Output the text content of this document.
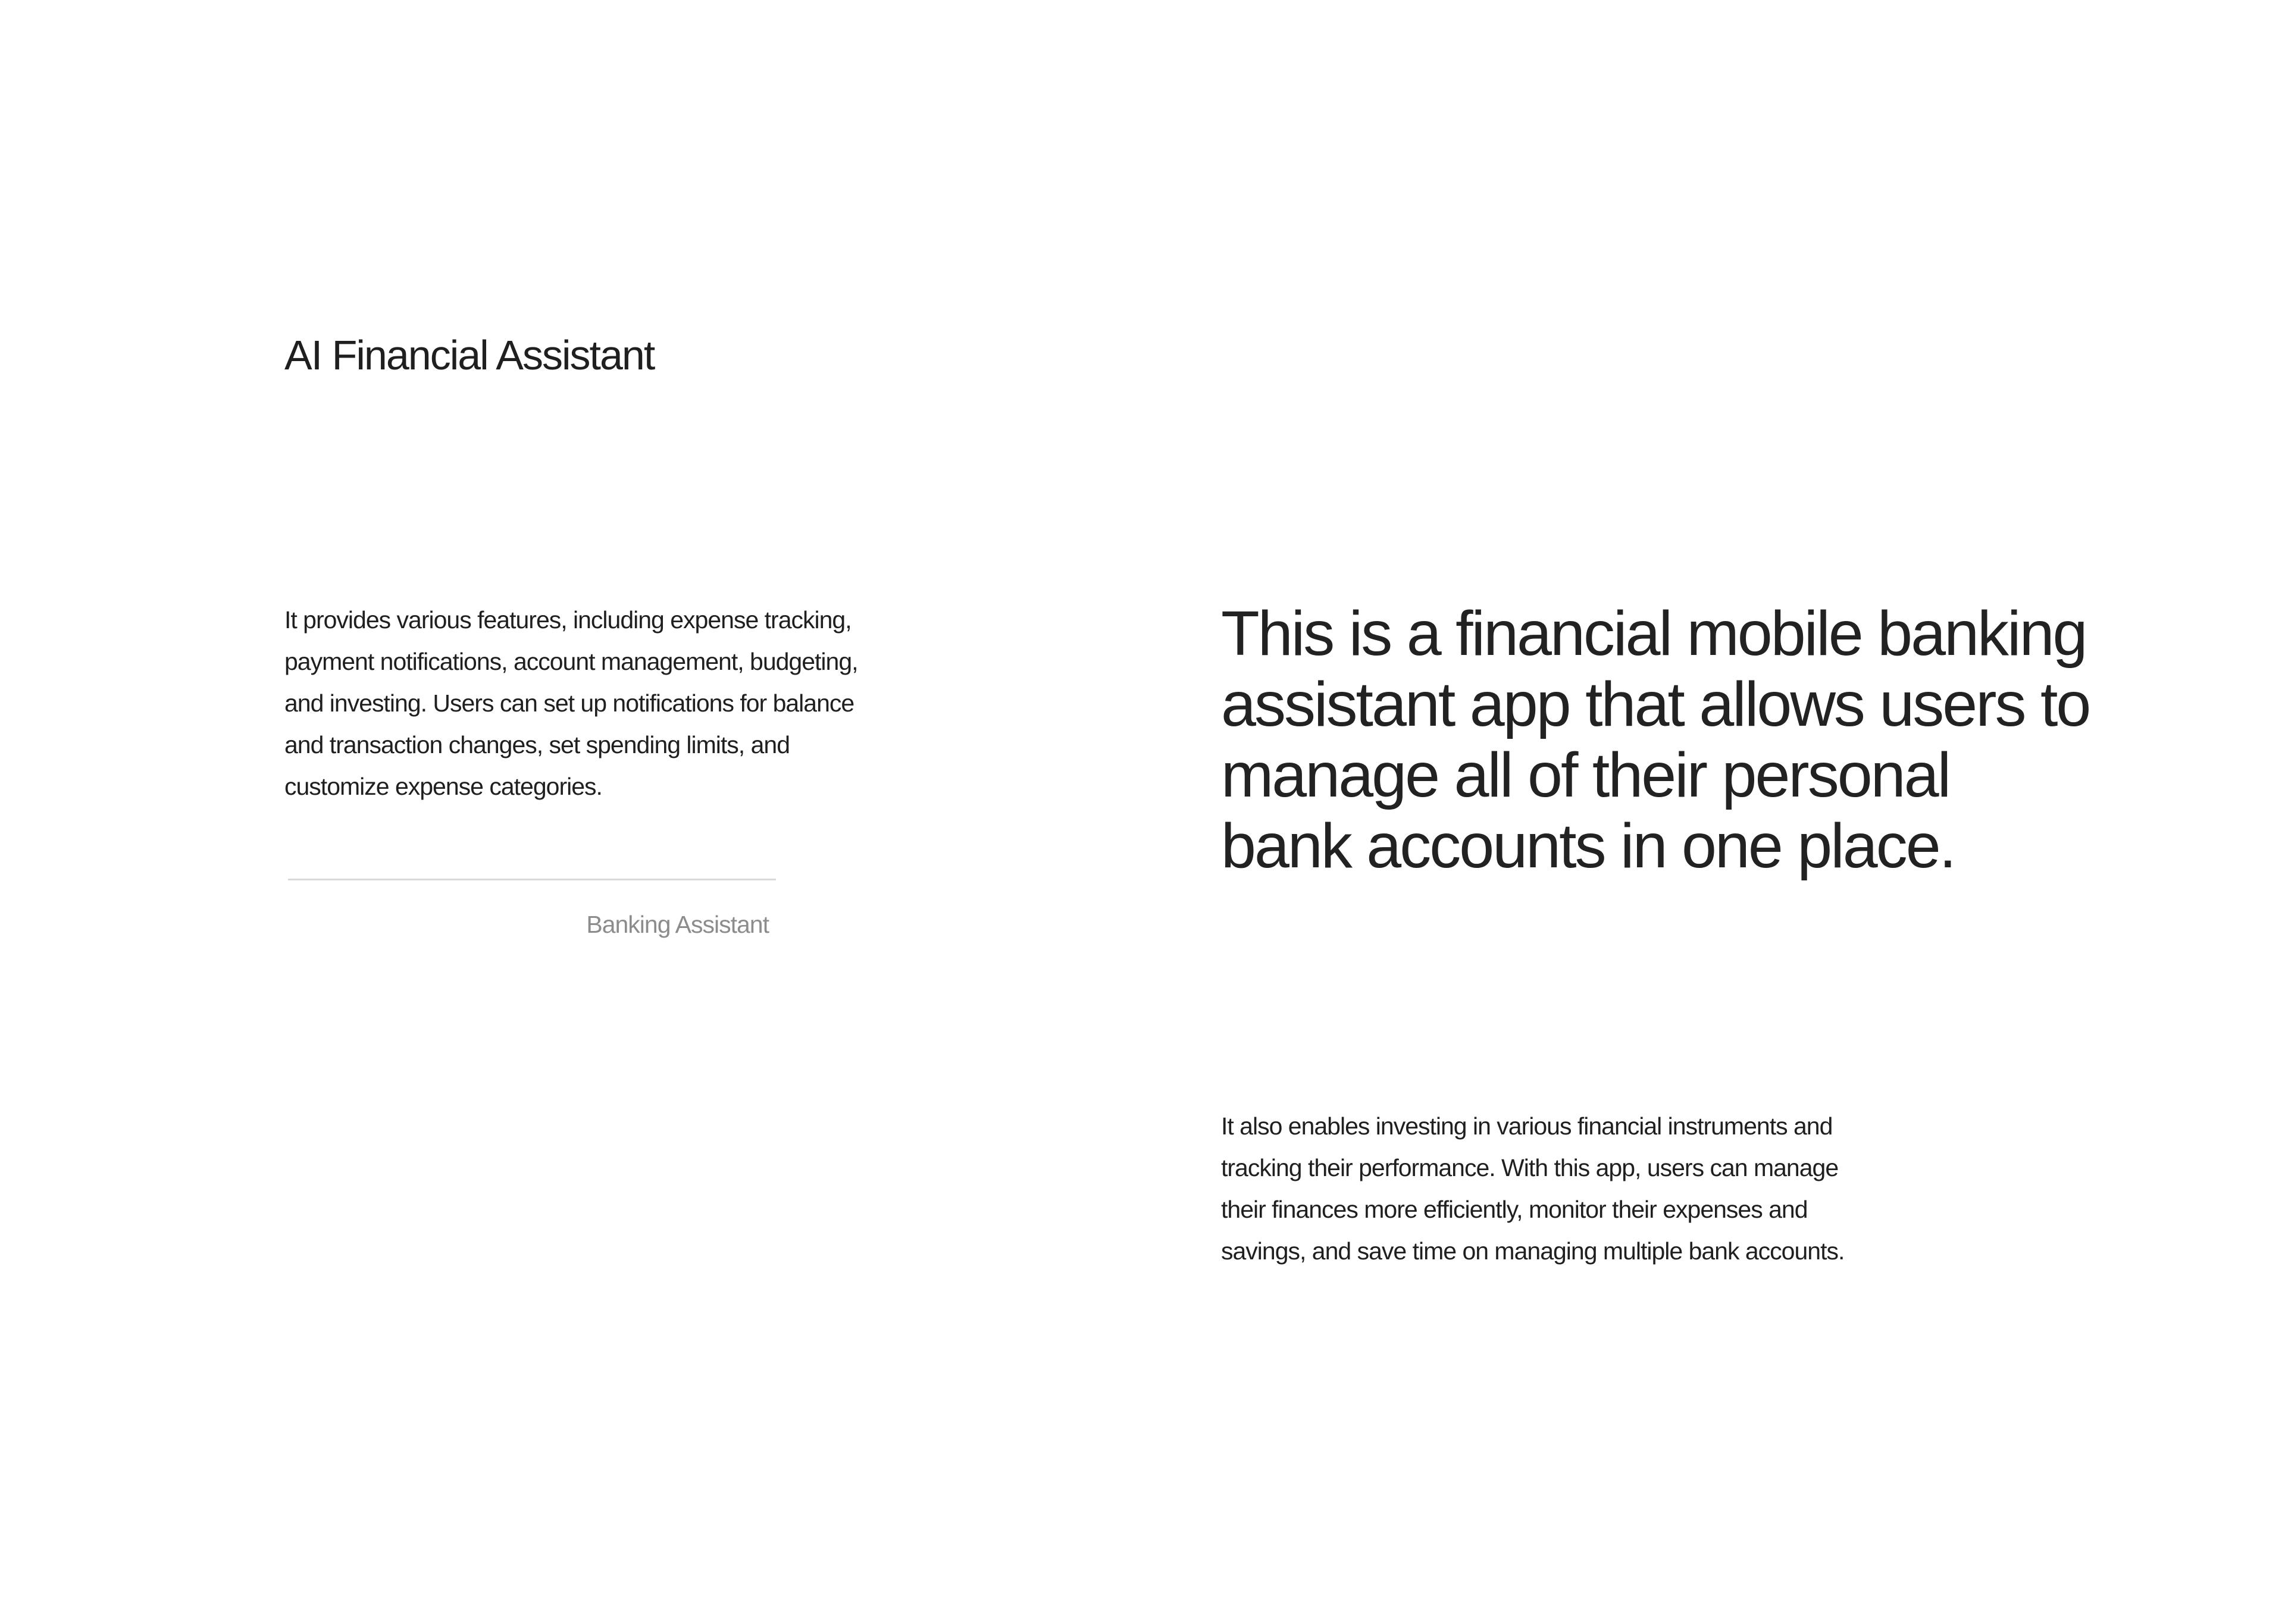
AI Financial Assistant

It provides various features, including expense tracking, payment notifications, account management, budgeting, and investing. Users can set up notifications for balance and transaction changes, set spending limits, and customize expense categories.

Banking Assistant
This is a financial mobile banking assistant app that allows users to manage all of their personal bank accounts in one place.

It also enables investing in various financial instruments and tracking their performance. With this app, users can manage their finances more efficiently, monitor their expenses and savings, and save time on managing multiple bank accounts.
